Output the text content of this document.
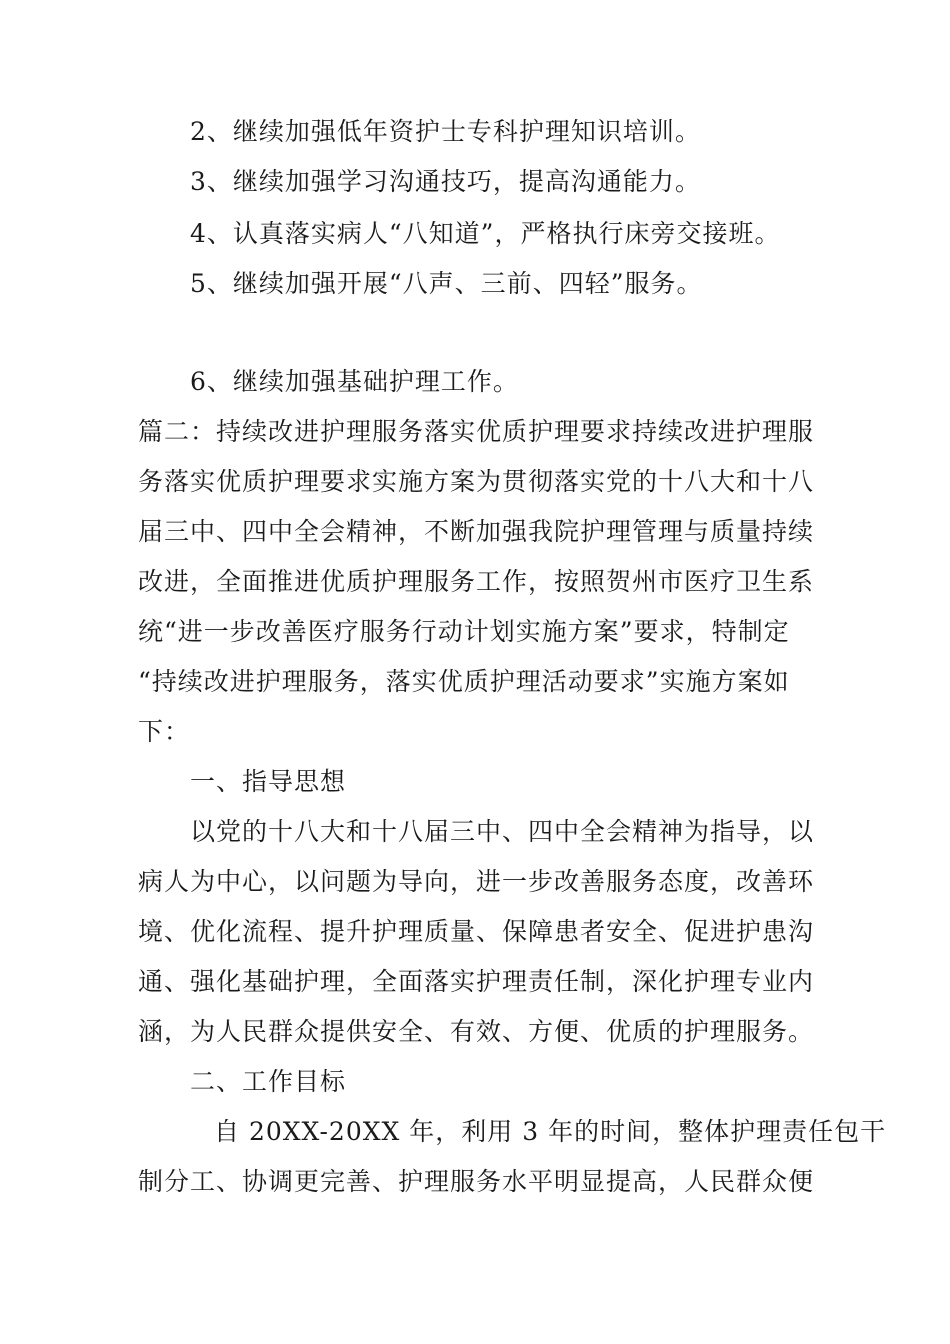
2、继续加强低年资护士专科护理知识培训。
3、继续加强学习沟通技巧，提高沟通能力。
4、认真落实病人“八知道”，严格执行床旁交接班。
5、继续加强开展“八声、三前、四轻”服务。
6、继续加强基础护理工作。
篇二：持续改进护理服务落实优质护理要求持续改进护理服
务落实优质护理要求实施方案为贯彻落实党的十八大和十八
届三中、四中全会精神，不断加强我院护理管理与质量持续
改进，全面推进优质护理服务工作，按照贺州市医疗卫生系
统“进一步改善医疗服务行动计划实施方案”要求，特制定
“持续改进护理服务，落实优质护理活动要求”实施方案如
下：
一、指导思想
以党的十八大和十八届三中、四中全会精神为指导，以
病人为中心，以问题为导向，进一步改善服务态度，改善环
境、优化流程、提升护理质量、保障患者安全、促进护患沟
通、强化基础护理，全面落实护理责任制，深化护理专业内
涵，为人民群众提供安全、有效、方便、优质的护理服务。
二、工作目标
自 20XX-20XX 年，利用 3 年的时间，整体护理责任包干
制分工、协调更完善、护理服务水平明显提高，人民群众便
